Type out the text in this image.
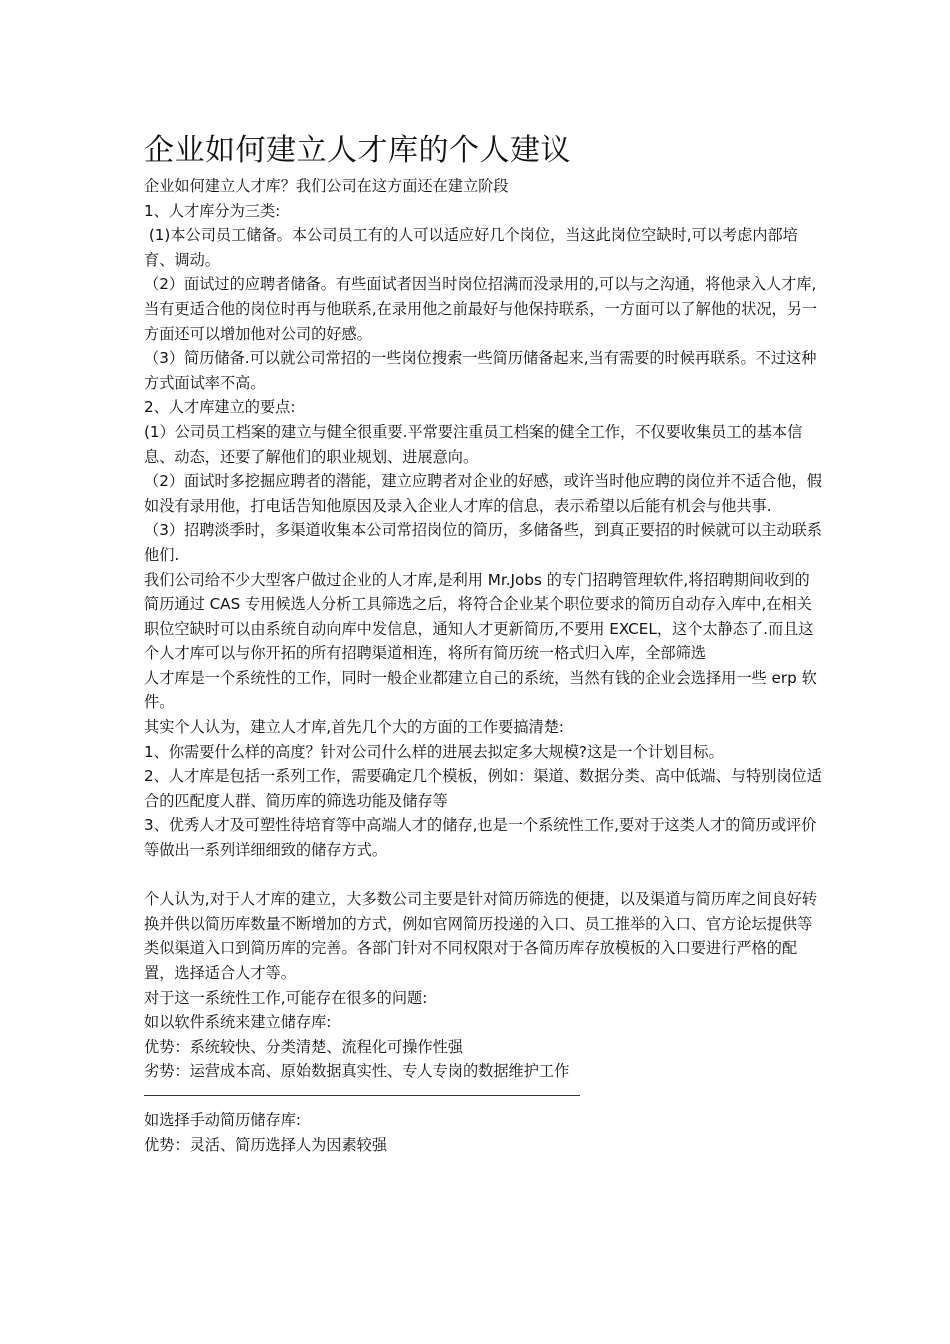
企业如何建立人才库的个人建议

企业如何建立人才库？我们公司在这方面还在建立阶段

1、人才库分为三类:

(1)本公司员工储备。本公司员工有的人可以适应好几个岗位，当这此岗位空缺时,可以考虑内部培育、调动。

（2）面试过的应聘者储备。有些面试者因当时岗位招满而没录用的,可以与之沟通，将他录入人才库,当有更适合他的岗位时再与他联系,在录用他之前最好与他保持联系，一方面可以了解他的状况，另一方面还可以增加他对公司的好感。

（3）简历储备.可以就公司常招的一些岗位搜索一些简历储备起来,当有需要的时候再联系。不过这种方式面试率不高。

2、人才库建立的要点:

(1）公司员工档案的建立与健全很重要.平常要注重员工档案的健全工作，不仅要收集员工的基本信息、动态，还要了解他们的职业规划、进展意向。

（2）面试时多挖掘应聘者的潜能，建立应聘者对企业的好感，或许当时他应聘的岗位并不适合他，假如没有录用他，打电话告知他原因及录入企业人才库的信息，表示希望以后能有机会与他共事.

（3）招聘淡季时，多渠道收集本公司常招岗位的简历，多储备些，到真正要招的时候就可以主动联系他们.

我们公司给不少大型客户做过企业的人才库,是利用 Mr.Jobs 的专门招聘管理软件,将招聘期间收到的简历通过 CAS 专用候选人分析工具筛选之后，将符合企业某个职位要求的简历自动存入库中,在相关职位空缺时可以由系统自动向库中发信息，通知人才更新简历,不要用 EXCEL，这个太静态了.而且这个人才库可以与你开拓的所有招聘渠道相连，将所有简历统一格式归入库，全部筛选

人才库是一个系统性的工作，同时一般企业都建立自己的系统，当然有钱的企业会选择用一些 erp 软件。

其实个人认为，建立人才库,首先几个大的方面的工作要搞清楚:

1、你需要什么样的高度？针对公司什么样的进展去拟定多大规模?这是一个计划目标。

2、人才库是包括一系列工作，需要确定几个模板，例如：渠道、数据分类、高中低端、与特别岗位适合的匹配度人群、简历库的筛选功能及储存等

3、优秀人才及可塑性待培育等中高端人才的储存,也是一个系统性工作,要对于这类人才的简历或评价等做出一系列详细细致的储存方式。

个人认为,对于人才库的建立，大多数公司主要是针对简历筛选的便捷，以及渠道与简历库之间良好转换并供以简历库数量不断增加的方式，例如官网简历投递的入口、员工推举的入口、官方论坛提供等类似渠道入口到简历库的完善。各部门针对不同权限对于各简历库存放模板的入口要进行严格的配置，选择适合人才等。

对于这一系统性工作,可能存在很多的问题:

如以软件系统来建立储存库:

优势：系统较快、分类清楚、流程化可操作性强

劣势：运营成本高、原始数据真实性、专人专岗的数据维护工作

如选择手动简历储存库:

优势：灵活、简历选择人为因素较强
